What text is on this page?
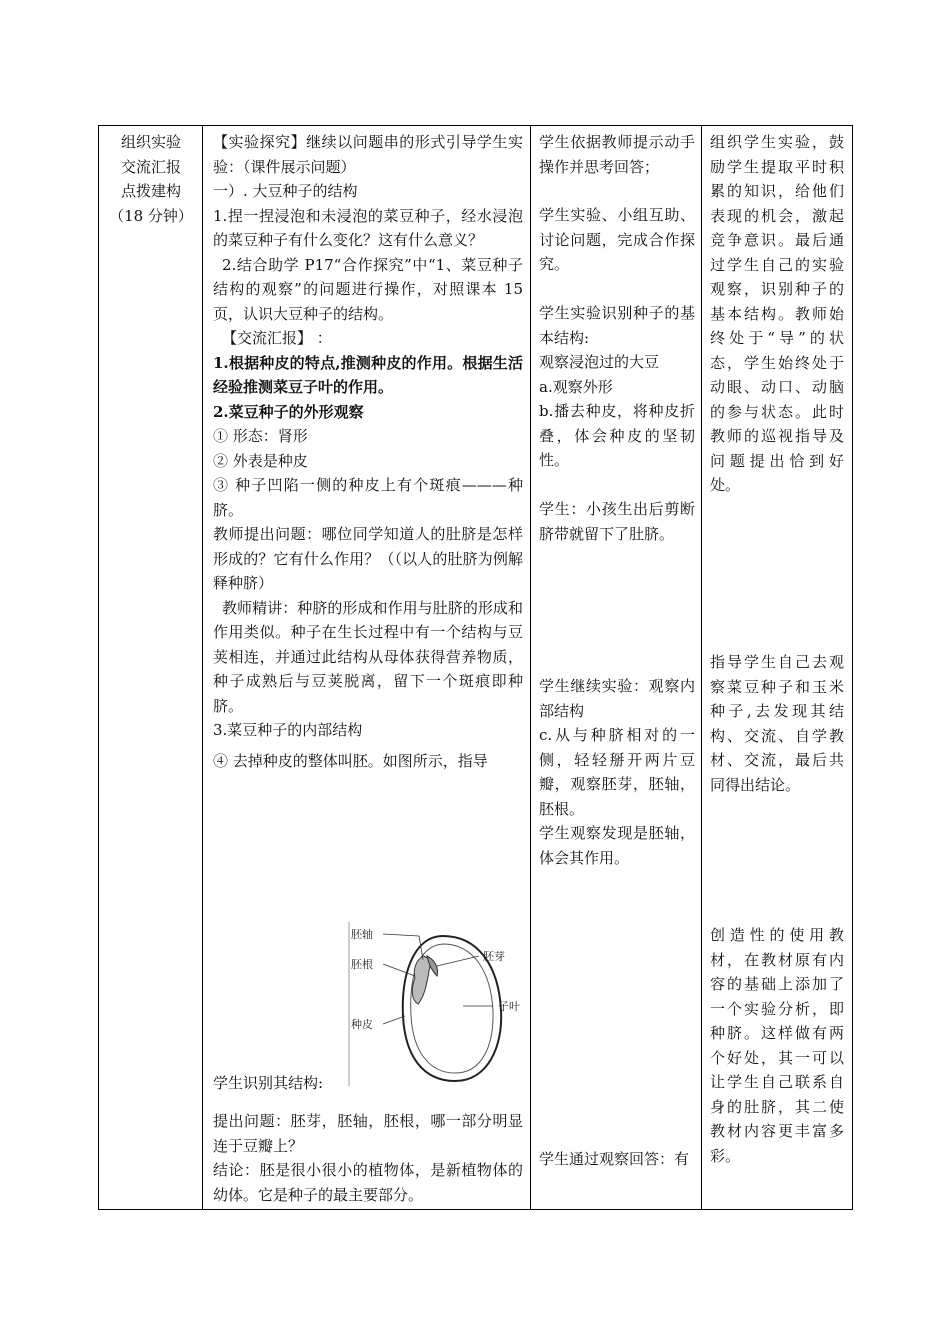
组织实验

交流汇报

点拨建构

（18 分钟）

【实验探究】继续以问题串的形式引导学生实验：（课件展示问题）

一）. 大豆种子的结构

1.捏一捏浸泡和未浸泡的菜豆种子，经水浸泡的菜豆种子有什么变化？这有什么意义？

2.结合助学 P17“合作探究”中“1、菜豆种子结构的观察”的问题进行操作，对照课本 15 页，认识大豆种子的结构。

【交流汇报】 ：

1.根据种皮的特点,推测种皮的作用。根据生活经验推测菜豆子叶的作用。

2.菜豆种子的外形观察

① 形态：肾形

② 外表是种皮

③ 种子凹陷一侧的种皮上有个斑痕———种脐。

教师提出问题：哪位同学知道人的肚脐是怎样形成的？它有什么作用？（（以人的肚脐为例解释种脐）

教师精讲：种脐的形成和作用与肚脐的形成和作用类似。种子在生长过程中有一个结构与豆荚相连，并通过此结构从母体获得营养物质，种子成熟后与豆荚脱离，留下一个斑痕即种脐。

3.菜豆种子的内部结构

④ 去掉种皮的整体叫胚。如图所示，指导

胚轴
胚根
种皮
胚芽
子叶
学生识别其结构:

提出问题：胚芽，胚轴，胚根，哪一部分明显连于豆瓣上？

结论：胚是很小很小的植物体，是新植物体的幼体。它是种子的最主要部分。

学生依据教师提示动手操作并思考回答；
学生实验、小组互助、讨论问题，完成合作探究。

学生实验识别种子的基本结构:

观察浸泡过的大豆

a.观察外形

b.播去种皮，将种皮折叠，体会种皮的坚韧性。

学生：小孩生出后剪断脐带就留下了肚脐。

学生继续实验：观察内部结构

c.从与种脐相对的一侧，轻轻掰开两片豆瓣，观察胚芽，胚轴，胚根。

学生观察发现是胚轴，体会其作用。

学生通过观察回答：有
组织学生实验，鼓励学生提取平时积累的知识，给他们表现的机会，激起竞争意识。最后通过学生自己的实验观察，识别种子的基本结构。教师始终处于“导”的状态，学生始终处于动眼、动口、动脑的参与状态。此时教师的巡视指导及问题提出恰到好处。
指导学生自己去观察菜豆种子和玉米种子,去发现其结构、交流、自学教材、交流，最后共同得出结论。
创造性的使用教材，在教材原有内容的基础上添加了一个实验分析，即种脐。这样做有两个好处，其一可以让学生自己联系自身的肚脐，其二使教材内容更丰富多彩。
